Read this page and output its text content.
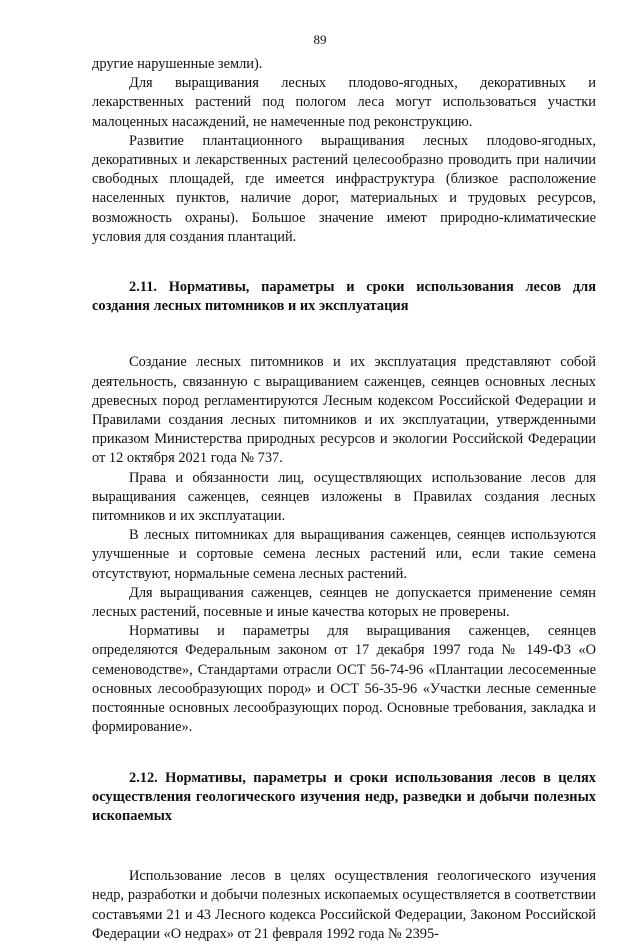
89

другие нарушенные земли).

Для выращивания лесных плодово-ягодных, декоративных и лекарственных растений под пологом леса могут использоваться участки малоценных насаждений, не намеченные под реконструкцию.

Развитие плантационного выращивания лесных плодово-ягодных, декоративных и лекарственных растений целесообразно проводить при наличии свободных площадей, где имеется инфраструктура (близкое расположение населенных пунктов, наличие дорог, материальных и трудовых ресурсов, возможность охраны). Большое значение имеют природно-климатические условия для создания плантаций.

2.11. Нормативы, параметры и сроки использования лесов для создания лесных питомников и их эксплуатация

Создание лесных питомников и их эксплуатация представляют собой деятельность, связанную с выращиванием саженцев, сеянцев основных лесных древесных пород регламентируются Лесным кодексом Российской Федерации и Правилами создания лесных питомников и их эксплуатации, утвержденными приказом Министерства природных ресурсов и экологии Российской Федерации от 12 октября 2021 года № 737.

Права и обязанности лиц, осуществляющих использование лесов для выращивания саженцев, сеянцев изложены в Правилах создания лесных питомников и их эксплуатации.

В лесных питомниках для выращивания саженцев, сеянцев используются улучшенные и сортовые семена лесных растений или, если такие семена отсутствуют, нормальные семена лесных растений.

Для выращивания саженцев, сеянцев не допускается применение семян лесных растений, посевные и иные качества которых не проверены.

Нормативы и параметры для выращивания саженцев, сеянцев определяются Федеральным законом от 17 декабря 1997 года № 149-ФЗ «О семеноводстве», Стандартами отрасли ОСТ 56-74-96 «Плантации лесосеменные основных лесообразующих пород» и ОСТ 56-35-96 «Участки лесные семенные постоянные основных лесообразующих пород. Основные требования, закладка и формирование».

2.12. Нормативы, параметры и сроки использования лесов в целях осуществления геологического изучения недр, разведки и добычи полезных ископаемых

Использование лесов в целях осуществления геологического изучения недр, разработки и добычи полезных ископаемых осуществляется в соответствии составъями 21 и 43 Лесного кодекса Российской Федерации, Законом Российской Федерации «О недрах» от 21 февраля 1992 года № 2395-
